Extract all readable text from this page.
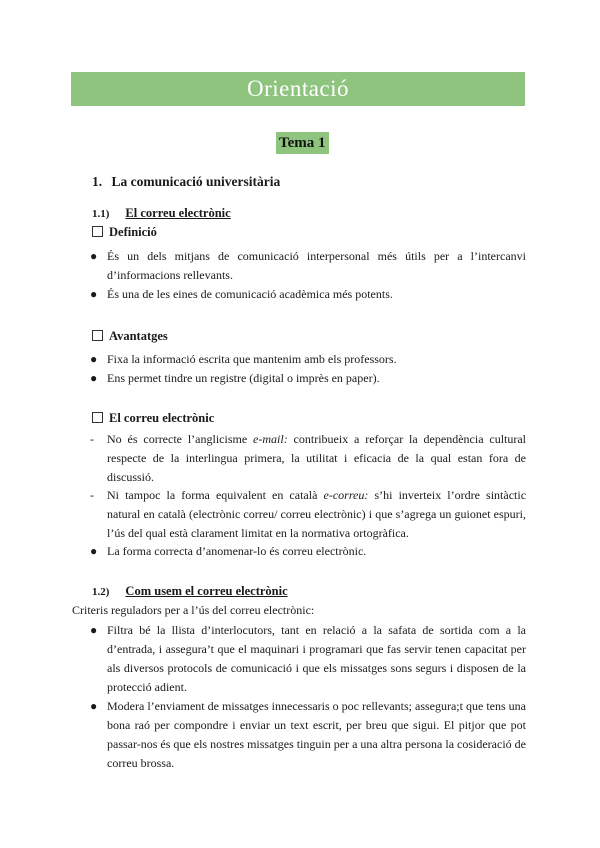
Orientació
Tema 1
1. La comunicació universitària
1.1) El correu electrònic
Definició
● És un dels mitjans de comunicació interpersonal més útils per a l’intercanvi d’informacions rellevants.
● És una de les eines de comunicació acadèmica més potents.
Avantatges
● Fixa la informació escrita que mantenim amb els professors.
● Ens permet tindre un registre (digital o imprès en paper).
El correu electrònic
- No és correcte l’anglicisme e-mail: contribueix a reforçar la dependència cultural respecte de la interlingua primera, la utilitat i eficacia de la qual estan fora de discussió.
- Ni tampoc la forma equivalent en català e-correu: s’hi inverteix l’ordre sintàctic natural en català (electrònic correu/ correu electrònic) i que s’agrega un guionet espuri, l’ús del qual està clarament limitat en la normativa ortogràfica.
● La forma correcta d’anomenar-lo és correu electrònic.
1.2) Com usem el correu electrònic
Criteris reguladors per a l’ús del correu electrònic:
● Filtra bé la llista d’interlocutors, tant en relació a la safata de sortida com a la d’entrada, i assegura’t que el maquinari i programari que fas servir tenen capacitat per als diversos protocols de comunicació i que els missatges sons segurs i disposen de la protecció adient.
● Modera l’enviament de missatges innecessaris o poc rellevants; assegura;t que tens una bona raó per compondre i enviar un text escrit, per breu que sigui. El pitjor que pot passar-nos és que els nostres missatges tinguin per a una altra persona la cosideració de correu brossa.
